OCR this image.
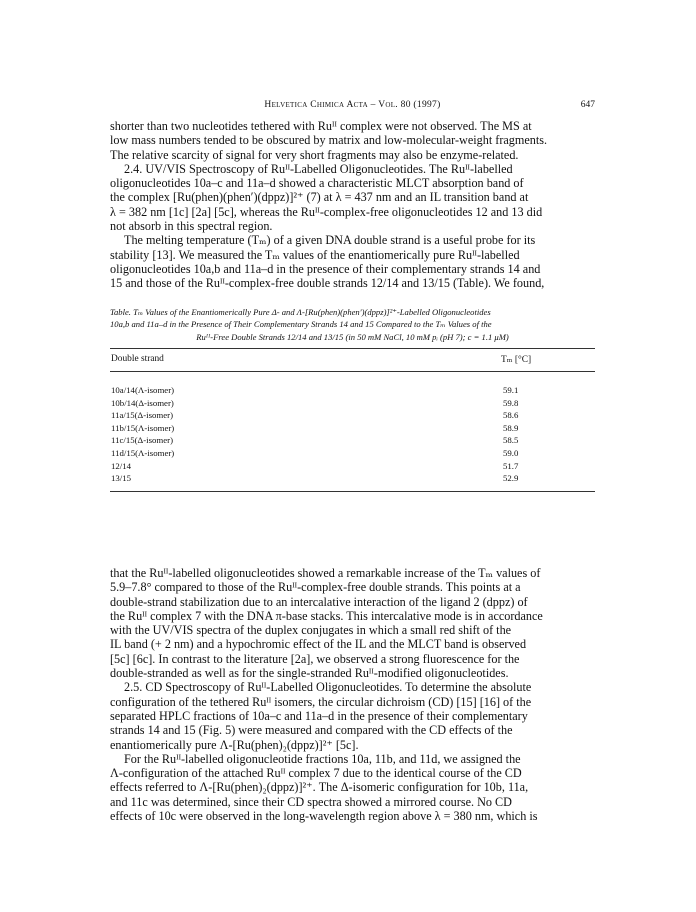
Helvetica Chimica Acta – Vol. 80 (1997)	647
shorter than two nucleotides tethered with Ruᴵᴵ complex were not observed. The MS at
low mass numbers tended to be obscured by matrix and low-molecular-weight fragments.
The relative scarcity of signal for very short fragments may also be enzyme-related.
2.4. UV/VIS Spectroscopy of Ruᴵᴵ-Labelled Oligonucleotides. The Ruᴵᴵ-labelled
oligonucleotides 10a–c and 11a–d showed a characteristic MLCT absorption band of
the complex [Ru(phen)(phen′)(dppz)]²⁺ (7) at λ = 437 nm and an IL transition band at
λ = 382 nm [1c] [2a] [5c], whereas the Ruᴵᴵ-complex-free oligonucleotides 12 and 13 did
not absorb in this spectral region.
The melting temperature (Tₘ) of a given DNA double strand is a useful probe for its
stability [13]. We measured the Tₘ values of the enantiomerically pure Ruᴵᴵ-labelled
oligonucleotides 10a,b and 11a–d in the presence of their complementary strands 14 and
15 and those of the Ruᴵᴵ-complex-free double strands 12/14 and 13/15 (Table). We found,
Table. Tₘ Values of the Enantiomerically Pure Δ- and Λ-[Ru(phen)(phen′)(dppz)]²⁺-Labelled Oligonucleotides
10a,b and 11a–d in the Presence of Their Complementary Strands 14 and 15 Compared to the Tₘ Values of the
Ruᴵᴵ-Free Double Strands 12/14 and 13/15 (in 50 mM NaCl, 10 mM pᵢ (pH 7); c = 1.1 μM)
Double strand	Tₘ [°C]
10a/14(Λ-isomer)	59.1
10b/14(Δ-isomer)	59.8
11a/15(Δ-isomer)	58.6
11b/15(Λ-isomer)	58.9
11c/15(Δ-isomer)	58.5
11d/15(Λ-isomer)	59.0
12/14	51.7
13/15	52.9
that the Ruᴵᴵ-labelled oligonucleotides showed a remarkable increase of the Tₘ values of
5.9–7.8° compared to those of the Ruᴵᴵ-complex-free double strands. This points at a
double-strand stabilization due to an intercalative interaction of the ligand 2 (dppz) of
the Ruᴵᴵ complex 7 with the DNA π-base stacks. This intercalative mode is in accordance
with the UV/VIS spectra of the duplex conjugates in which a small red shift of the
IL band (+ 2 nm) and a hypochromic effect of the IL and the MLCT band is observed
[5c] [6c]. In contrast to the literature [2a], we observed a strong fluorescence for the
double-stranded as well as for the single-stranded Ruᴵᴵ-modified oligonucleotides.
2.5. CD Spectroscopy of Ruᴵᴵ-Labelled Oligonucleotides. To determine the absolute
configuration of the tethered Ruᴵᴵ isomers, the circular dichroism (CD) [15] [16] of the
separated HPLC fractions of 10a–c and 11a–d in the presence of their complementary
strands 14 and 15 (Fig. 5) were measured and compared with the CD effects of the
enantiomerically pure Λ-[Ru(phen)₂(dppz)]²⁺ [5c].
For the Ruᴵᴵ-labelled oligonucleotide fractions 10a, 11b, and 11d, we assigned the
Λ-configuration of the attached Ruᴵᴵ complex 7 due to the identical course of the CD
effects referred to Λ-[Ru(phen)₂(dppz)]²⁺. The Δ-isomeric configuration for 10b, 11a,
and 11c was determined, since their CD spectra showed a mirrored course. No CD
effects of 10c were observed in the long-wavelength region above λ = 380 nm, which is
